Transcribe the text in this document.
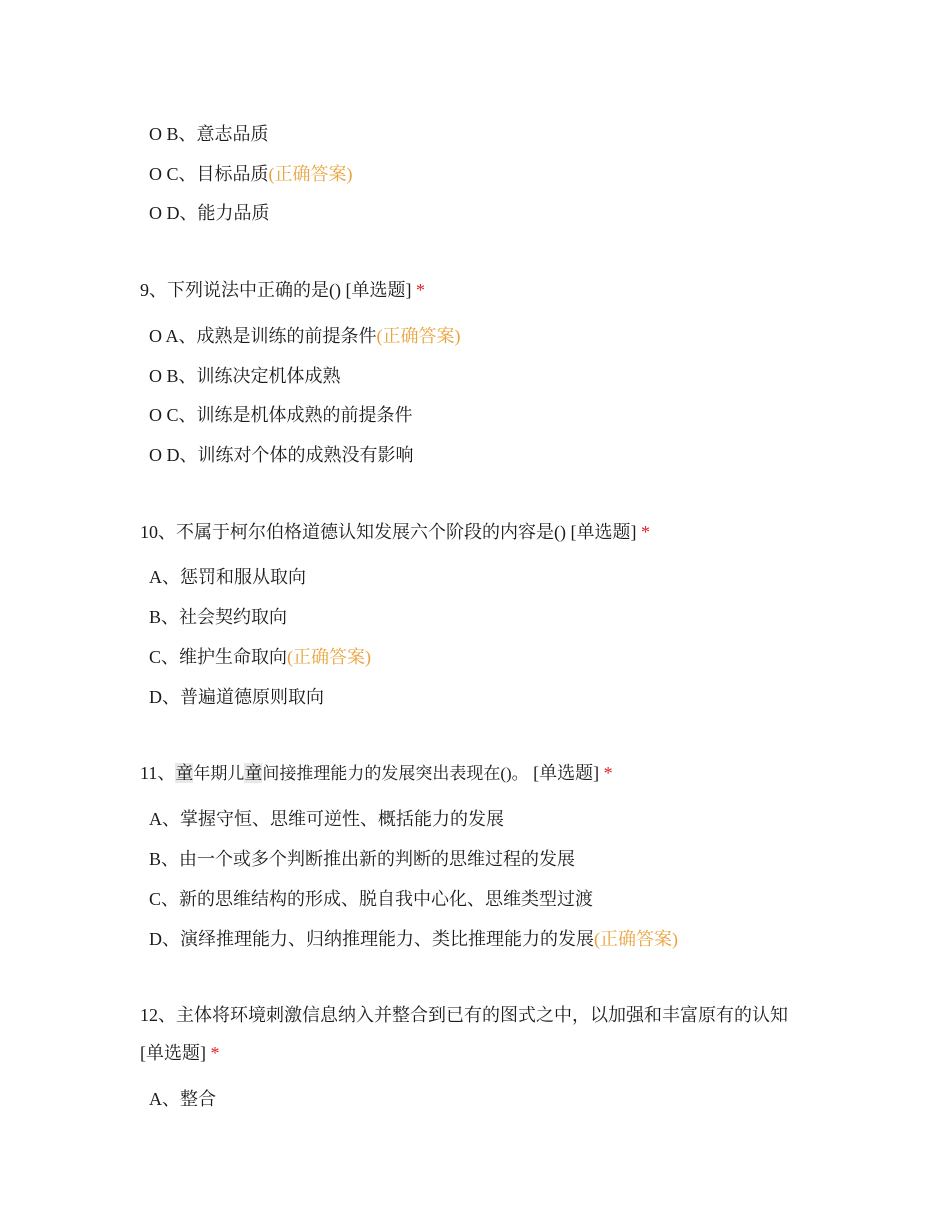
O B、意志品质
O C、目标品质(正确答案)
O D、能力品质
9、下列说法中正确的是() [单选题] *
O A、成熟是训练的前提条件(正确答案)
O B、训练决定机体成熟
O C、训练是机体成熟的前提条件
O D、训练对个体的成熟没有影响
10、不属于柯尔伯格道德认知发展六个阶段的内容是() [单选题] *
A、惩罚和服从取向
B、社会契约取向
C、维护生命取向(正确答案)
D、普遍道德原则取向
11、童年期儿童间接推理能力的发展突出表现在()。 [单选题] *
A、掌握守恒、思维可逆性、概括能力的发展
B、由一个或多个判断推出新的判断的思维过程的发展
C、新的思维结构的形成、脱自我中心化、思维类型过渡
D、演绎推理能力、归纳推理能力、类比推理能力的发展(正确答案)
12、主体将环境刺激信息纳入并整合到已有的图式之中，以加强和丰富原有的认知
[单选题] *
A、整合
